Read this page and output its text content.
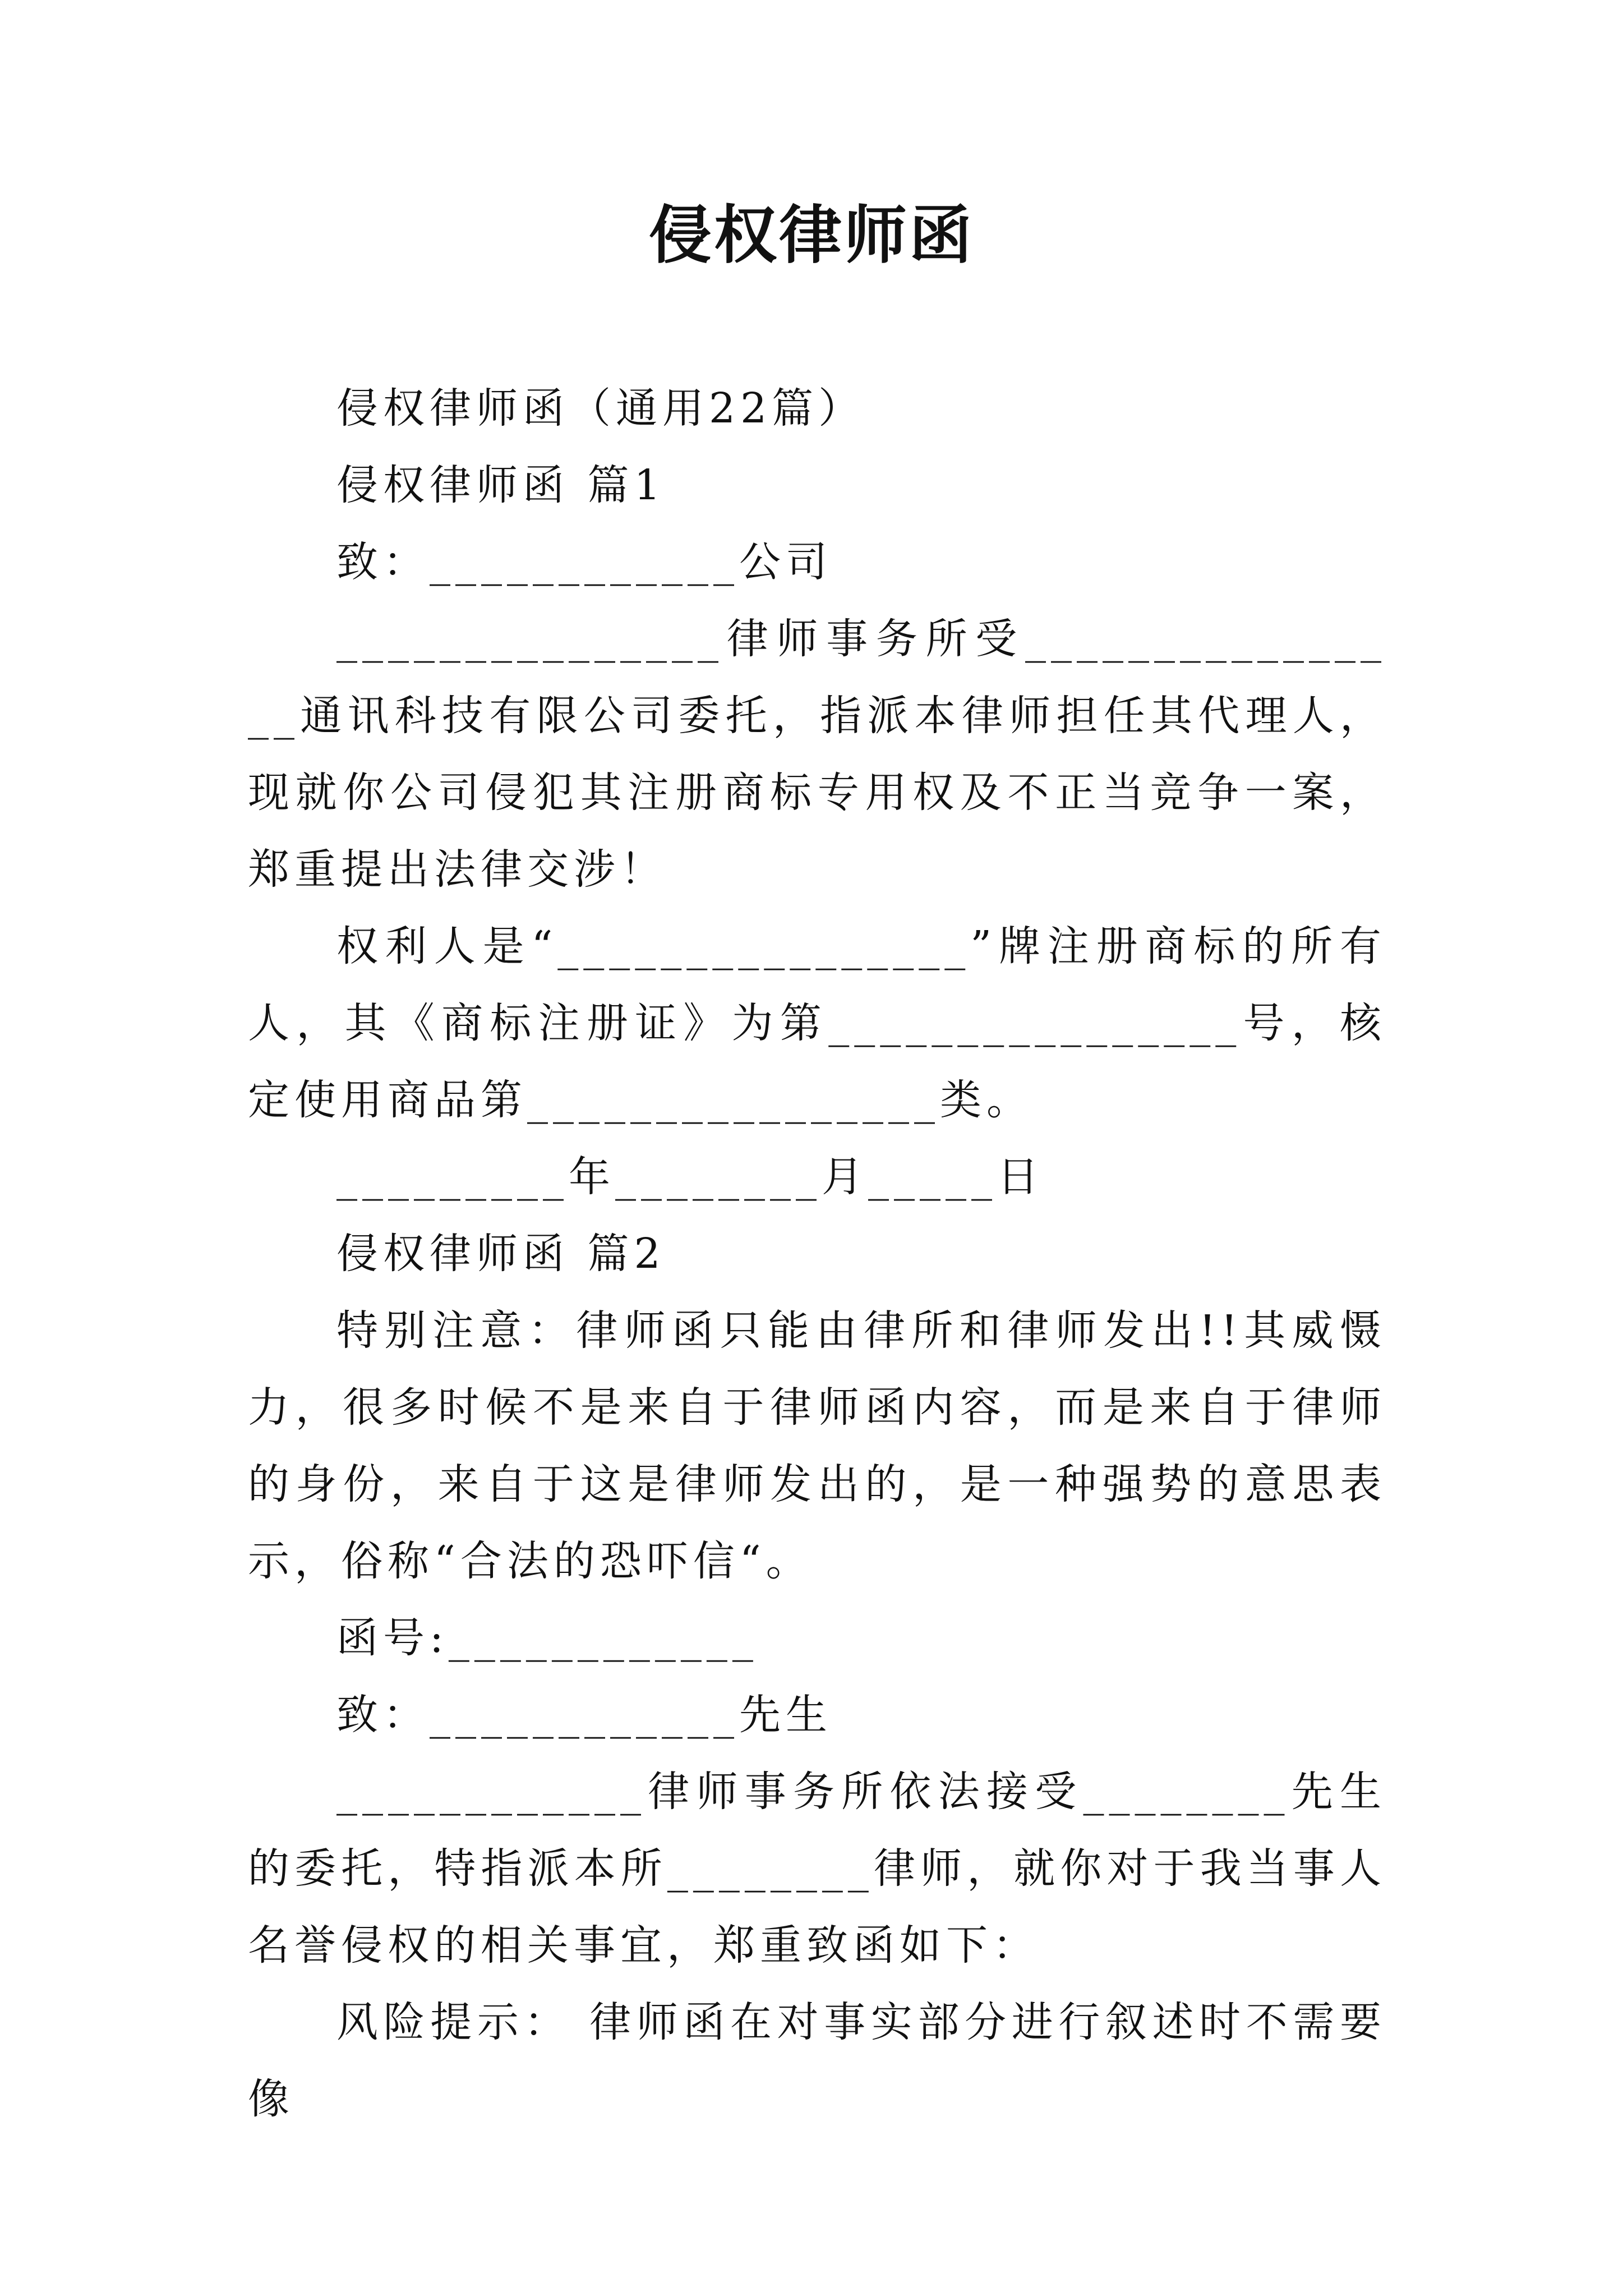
侵权律师函

侵权律师函（通用22篇）

侵权律师函 篇1

致：____________公司

_______________律师事务所受________________通讯科技有限公司委托，指派本律师担任其代理人，现就你公司侵犯其注册商标专用权及不正当竞争一案，郑重提出法律交涉！

权利人是“________________”牌注册商标的所有人，其《商标注册证》为第________________号，核定使用商品第________________类。

_________年________月_____日

侵权律师函 篇2

特别注意：律师函只能由律所和律师发出!!其威慑力，很多时候不是来自于律师函内容，而是来自于律师的身份，来自于这是律师发出的，是一种强势的意思表示，俗称“合法的恐吓信“。

函号:____________

致：____________先生

____________律师事务所依法接受________先生的委托，特指派本所________律师，就你对于我当事人名誉侵权的相关事宜，郑重致函如下：

风险提示： 律师函在对事实部分进行叙述时不需要像
